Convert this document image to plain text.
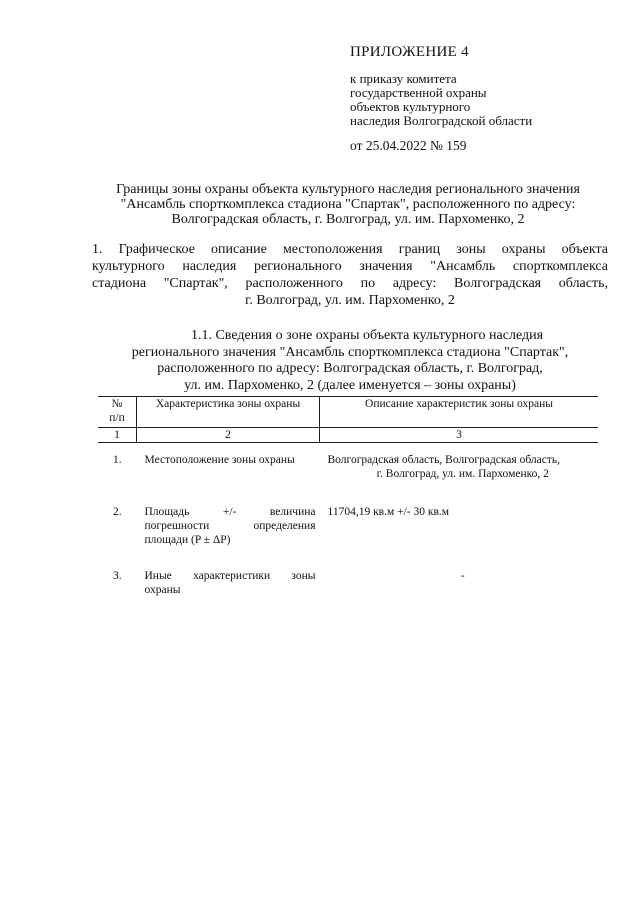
ПРИЛОЖЕНИЕ 4
к приказу комитета
государственной охраны
объектов культурного
наследия Волгоградской области
от 25.04.2022 № 159
Границы зоны охраны объекта культурного наследия регионального значения
"Ансамбль спорткомплекса стадиона "Спартак", расположенного по адресу:
Волгоградская область, г. Волгоград, ул. им. Пархоменко, 2
1. Графическое описание местоположения границ зоны охраны объекта
культурного наследия регионального значения "Ансамбль спорткомплекса
стадиона "Спартак", расположенного по адресу: Волгоградская область,
г. Волгоград, ул. им. Пархоменко, 2
1.1. Сведения о зоне охраны объекта культурного наследия
регионального значения "Ансамбль спорткомплекса стадиона "Спартак",
расположенного по адресу: Волгоградская область, г. Волгоград,
ул. им. Пархоменко, 2 (далее именуется – зоны охраны)
№
п/п	Характеристика зоны охраны	Описание характеристик зоны охраны
1	2	3

1.	Местоположение зоны охраны	Волгоградская область, Волгоградская область,
г. Волгоград, ул. им. Пархоменко, 2

2.	Площадь +/- величина
погрешности определения
площади (P ± ΔP)	11704,19 кв.м +/- 30 кв.м

3.	Иные характеристики зоны
охраны	-
